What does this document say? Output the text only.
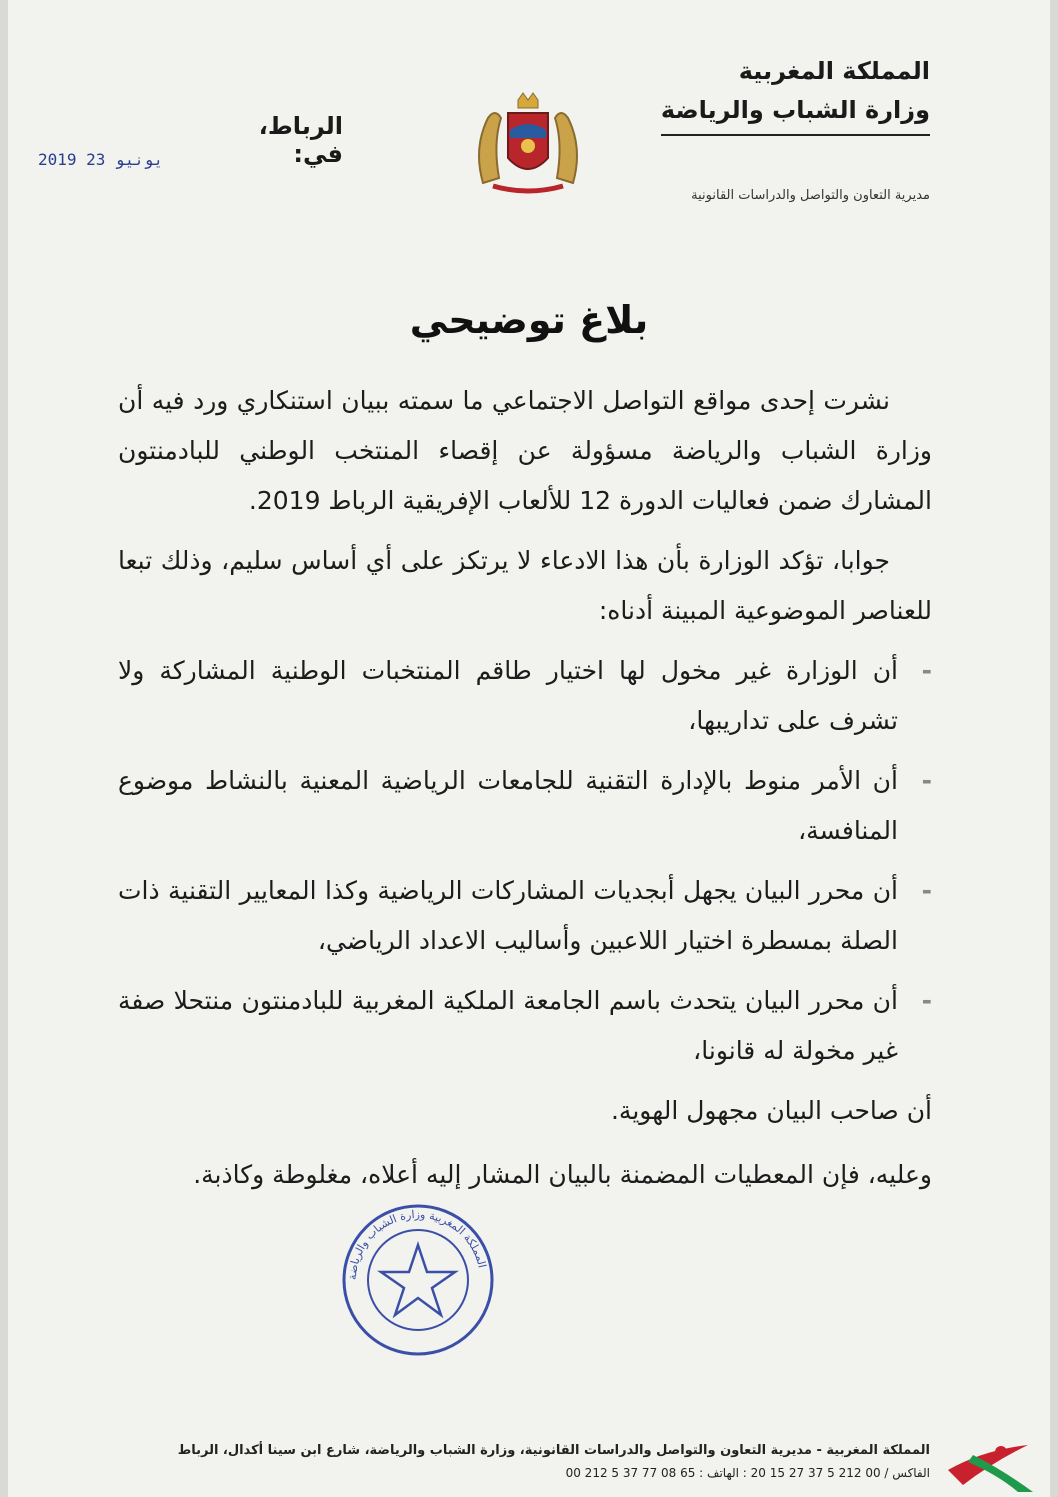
المملكة المغربية
وزارة الشباب والرياضة
مديرية التعاون والتواصل والدراسات القانونية
الرباط، في:
2019 يونيو 23
بلاغ توضيحي

نشرت إحدى مواقع التواصل الاجتماعي ما سمته ببيان استنكاري ورد فيه أن وزارة الشباب والرياضة مسؤولة عن إقصاء المنتخب الوطني للبادمنتون المشارك ضمن فعاليات الدورة 12 للألعاب الإفريقية الرباط 2019.

جوابا، تؤكد الوزارة بأن هذا الادعاء لا يرتكز على أي أساس سليم، وذلك تبعا للعناصر الموضوعية المبينة أدناه:

-
أن الوزارة غير مخول لها اختيار طاقم المنتخبات الوطنية المشاركة ولا تشرف على تداريبها،

-
أن الأمر منوط بالإدارة التقنية للجامعات الرياضية المعنية بالنشاط موضوع المنافسة،

-
أن محرر البيان يجهل أبجديات المشاركات الرياضية وكذا المعايير التقنية ذات الصلة بمسطرة اختيار اللاعبين وأساليب الاعداد الرياضي،

-
أن محرر البيان يتحدث باسم الجامعة الملكية المغربية للبادمنتون منتحلا صفة غير مخولة له قانونا،

أن صاحب البيان مجهول الهوية.

وعليه، فإن المعطيات المضمنة بالبيان المشار إليه أعلاه، مغلوطة وكاذبة.

المملكة المغربية وزارة الشباب والرياضة
المملكة المغربية - مديرية التعاون والتواصل والدراسات القانونية، وزارة الشباب والرياضة، شارع ابن سينا أكدال، الرباط
00 212 5 37 77 08 65 : الفاكس / 00 212 5 37 27 15 20 : الهاتف
